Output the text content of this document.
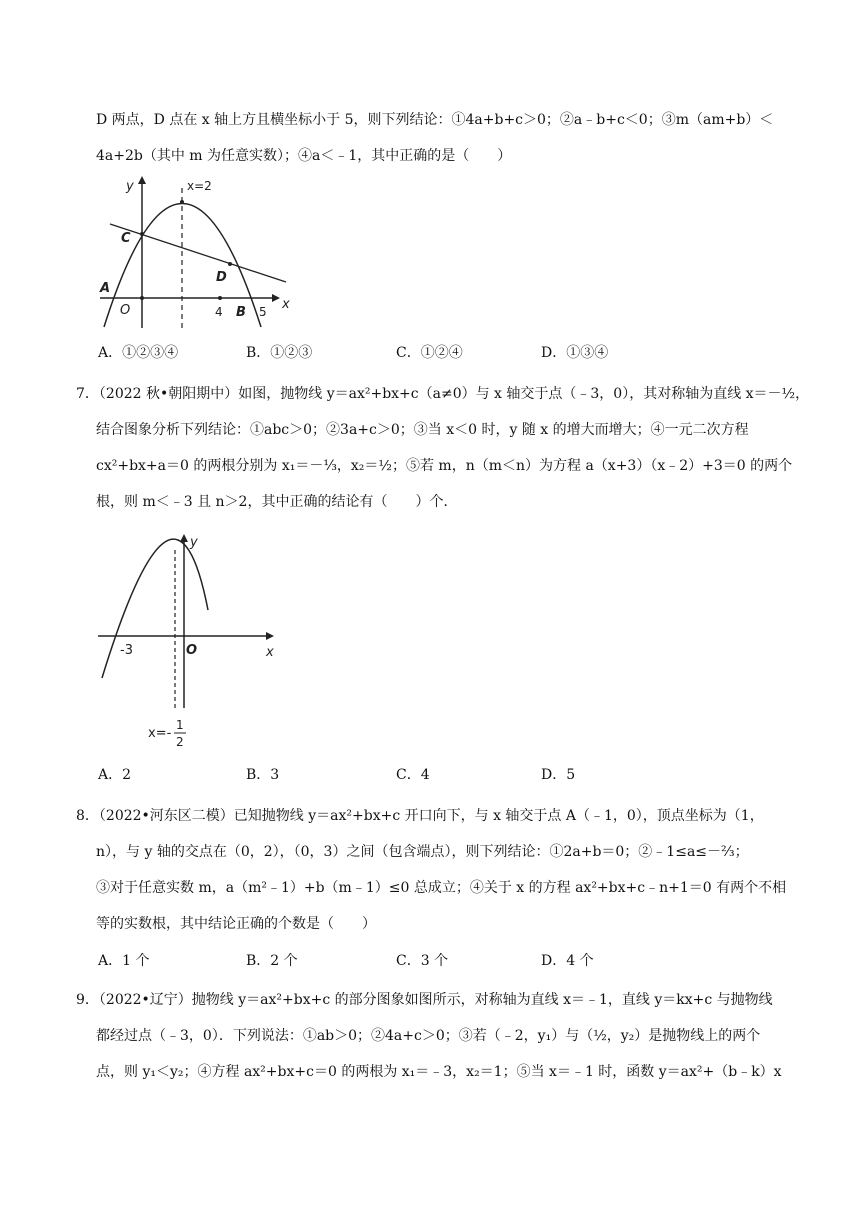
D 两点，D 点在 x 轴上方且横坐标小于 5，则下列结论：①4a+b+c＞0；②a﹣b+c＜0；③m（am+b）＜
4a+2b（其中 m 为任意实数）；④a＜﹣1，其中正确的是（　　）
y
x
x=2
C
D
A
O	4 B 5
A．①②③④	B．①②③	C．①②④	D．①③④
7．（2022 秋•朝阳期中）如图，抛物线 y＝ax²+bx+c（a≠0）与 x 轴交于点（﹣3，0），其对称轴为直线 x＝－½，
结合图象分析下列结论：①abc＞0；②3a+c＞0；③当 x＜0 时，y 随 x 的增大而增大；④一元二次方程
cx²+bx+a＝0 的两根分别为 x₁＝－⅓，x₂＝½；⑤若 m，n（m＜n）为方程 a（x+3）（x﹣2）+3＝0 的两个
根，则 m＜﹣3 且 n＞2，其中正确的结论有（　　）个．
y
x
O
-3
x=-
1
2
A．2	B．3	C．4	D．5
8．（2022•河东区二模）已知抛物线 y＝ax²+bx+c 开口向下，与 x 轴交于点 A（﹣1，0），顶点坐标为（1，
n），与 y 轴的交点在（0，2），（0，3）之间（包含端点），则下列结论：①2a+b＝0；②﹣1≤a≤－⅔；
③对于任意实数 m，a（m²﹣1）+b（m﹣1）≤0 总成立；④关于 x 的方程 ax²+bx+c﹣n+1＝0 有两个不相
等的实数根，其中结论正确的个数是（　　）
A．1 个	B．2 个	C．3 个	D．4 个
9．（2022•辽宁）抛物线 y＝ax²+bx+c 的部分图象如图所示，对称轴为直线 x＝﹣1，直线 y＝kx+c 与抛物线
都经过点（﹣3，0）．下列说法：①ab＞0；②4a+c＞0；③若（﹣2，y₁）与（½，y₂）是抛物线上的两个
点，则 y₁＜y₂；④方程 ax²+bx+c＝0 的两根为 x₁＝﹣3，x₂＝1；⑤当 x＝﹣1 时，函数 y＝ax²+（b﹣k）x
